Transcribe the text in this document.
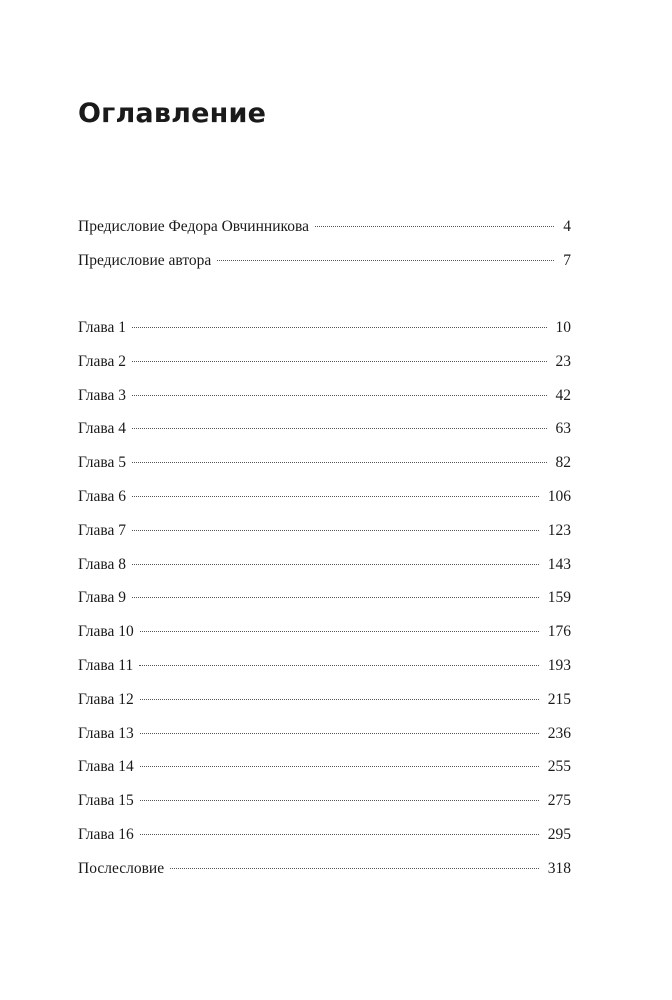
Оглавление
Предисловие Федора Овчинникова	4
Предисловие автора	7
Глава 1	10
Глава 2	23
Глава 3	42
Глава 4	63
Глава 5	82
Глава 6	106
Глава 7	123
Глава 8	143
Глава 9	159
Глава 10	176
Глава 11	193
Глава 12	215
Глава 13	236
Глава 14	255
Глава 15	275
Глава 16	295
Послесловие	318
